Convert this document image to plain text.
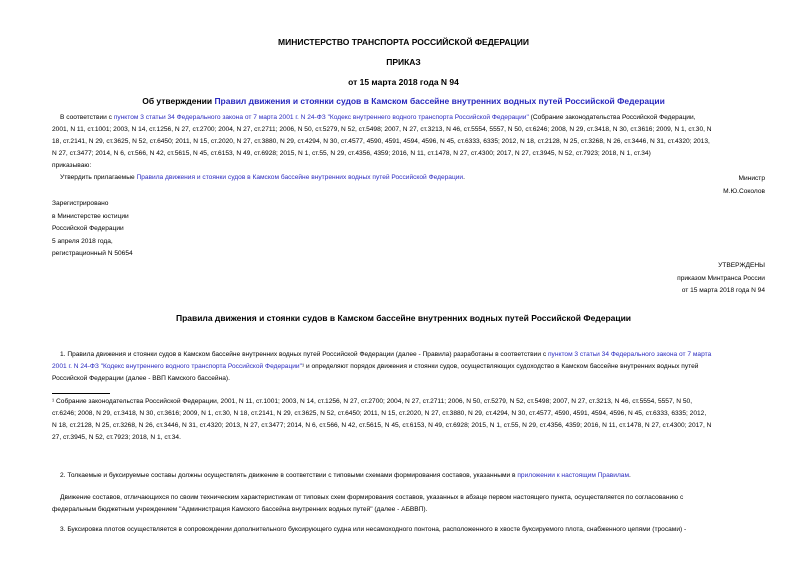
МИНИСТЕРСТВО ТРАНСПОРТА РОССИЙСКОЙ ФЕДЕРАЦИИ
ПРИКАЗ
от 15 марта 2018 года N 94
Об утверждении Правил движения и стоянки судов в Камском бассейне внутренних водных путей Российской Федерации
В соответствии с пунктом 3 статьи 34 Федерального закона от 7 марта 2001 г. N 24-ФЗ "Кодекс внутреннего водного транспорта Российской Федерации" (Собрание законодательства Российской Федерации,
2001, N 11, ст.1001; 2003, N 14, ст.1256, N 27, ст.2700; 2004, N 27, ст.2711; 2006, N 50, ст.5279, N 52, ст.5498; 2007, N 27, ст.3213, N 46, ст.5554, 5557, N 50, ст.6246; 2008, N 29, ст.3418, N 30, ст.3616; 2009, N 1, ст.30, N
18, ст.2141, N 29, ст.3625, N 52, ст.6450; 2011, N 15, ст.2020, N 27, ст.3880, N 29, ст.4294, N 30, ст.4577, 4590, 4591, 4594, 4596, N 45, ст.6333, 6335; 2012, N 18, ст.2128, N 25, ст.3268, N 26, ст.3446, N 31, ст.4320; 2013,
N 27, ст.3477; 2014, N 6, ст.566, N 42, ст.5615, N 45, ст.6153, N 49, ст.6928; 2015, N 1, ст.55, N 29, ст.4356, 4359; 2016, N 11, ст.1478, N 27, ст.4300; 2017, N 27, ст.3945, N 52, ст.7923; 2018, N 1, ст.34)
приказываю:
Утвердить прилагаемые Правила движения и стоянки судов в Камском бассейне внутренних водных путей Российской Федерации.	Министр
М.Ю.Соколов
Зарегистрировано
в Министерстве юстиции
Российской Федерации
5 апреля 2018 года,
регистрационный N 50654
УТВЕРЖДЕНЫ
приказом Минтранса России
от 15 марта 2018 года N 94
Правила движения и стоянки судов в Камском бассейне внутренних водных путей Российской Федерации
1. Правила движения и стоянки судов в Камском бассейне внутренних водных путей Российской Федерации (далее - Правила) разработаны в соответствии с пунктом 3 статьи 34 Федерального закона от 7 марта
2001 г. N 24-ФЗ "Кодекс внутреннего водного транспорта Российской Федерации"¹ и определяют порядок движения и стоянки судов, осуществляющих судоходство в Камском бассейне внутренних водных путей
Российской Федерации (далее - ВВП Камского бассейна).
¹ Собрание законодательства Российской Федерации, 2001, N 11, ст.1001; 2003, N 14, ст.1256, N 27, ст.2700; 2004, N 27, ст.2711; 2006, N 50, ст.5279, N 52, ст.5498; 2007, N 27, ст.3213, N 46, ст.5554, 5557, N 50,
ст.6246; 2008, N 29, ст.3418, N 30, ст.3616; 2009, N 1, ст.30, N 18, ст.2141, N 29, ст.3625, N 52, ст.6450; 2011, N 15, ст.2020, N 27, ст.3880, N 29, ст.4294, N 30, ст.4577, 4590, 4591, 4594, 4596, N 45, ст.6333, 6335; 2012,
N 18, ст.2128, N 25, ст.3268, N 26, ст.3446, N 31, ст.4320; 2013, N 27, ст.3477; 2014, N 6, ст.566, N 42, ст.5615, N 45, ст.6153, N 49, ст.6928; 2015, N 1, ст.55, N 29, ст.4356, 4359; 2016, N 11, ст.1478, N 27, ст.4300; 2017, N
27, ст.3945, N 52, ст.7923; 2018, N 1, ст.34.
2. Толкаемые и буксируемые составы должны осуществлять движение в соответствии с типовыми схемами формирования составов, указанными в приложении к настоящим Правилам.
Движение составов, отличающихся по своим техническим характеристикам от типовых схем формирования составов, указанных в абзаце первом настоящего пункта, осуществляется по согласованию с
федеральным бюджетным учреждением "Администрация Камского бассейна внутренних водных путей" (далее - АБВВП).
3. Буксировка плотов осуществляется в сопровождении дополнительного буксирующего судна или несамоходного понтона, расположенного в хвосте буксируемого плота, снабженного цепями (тросами) -
